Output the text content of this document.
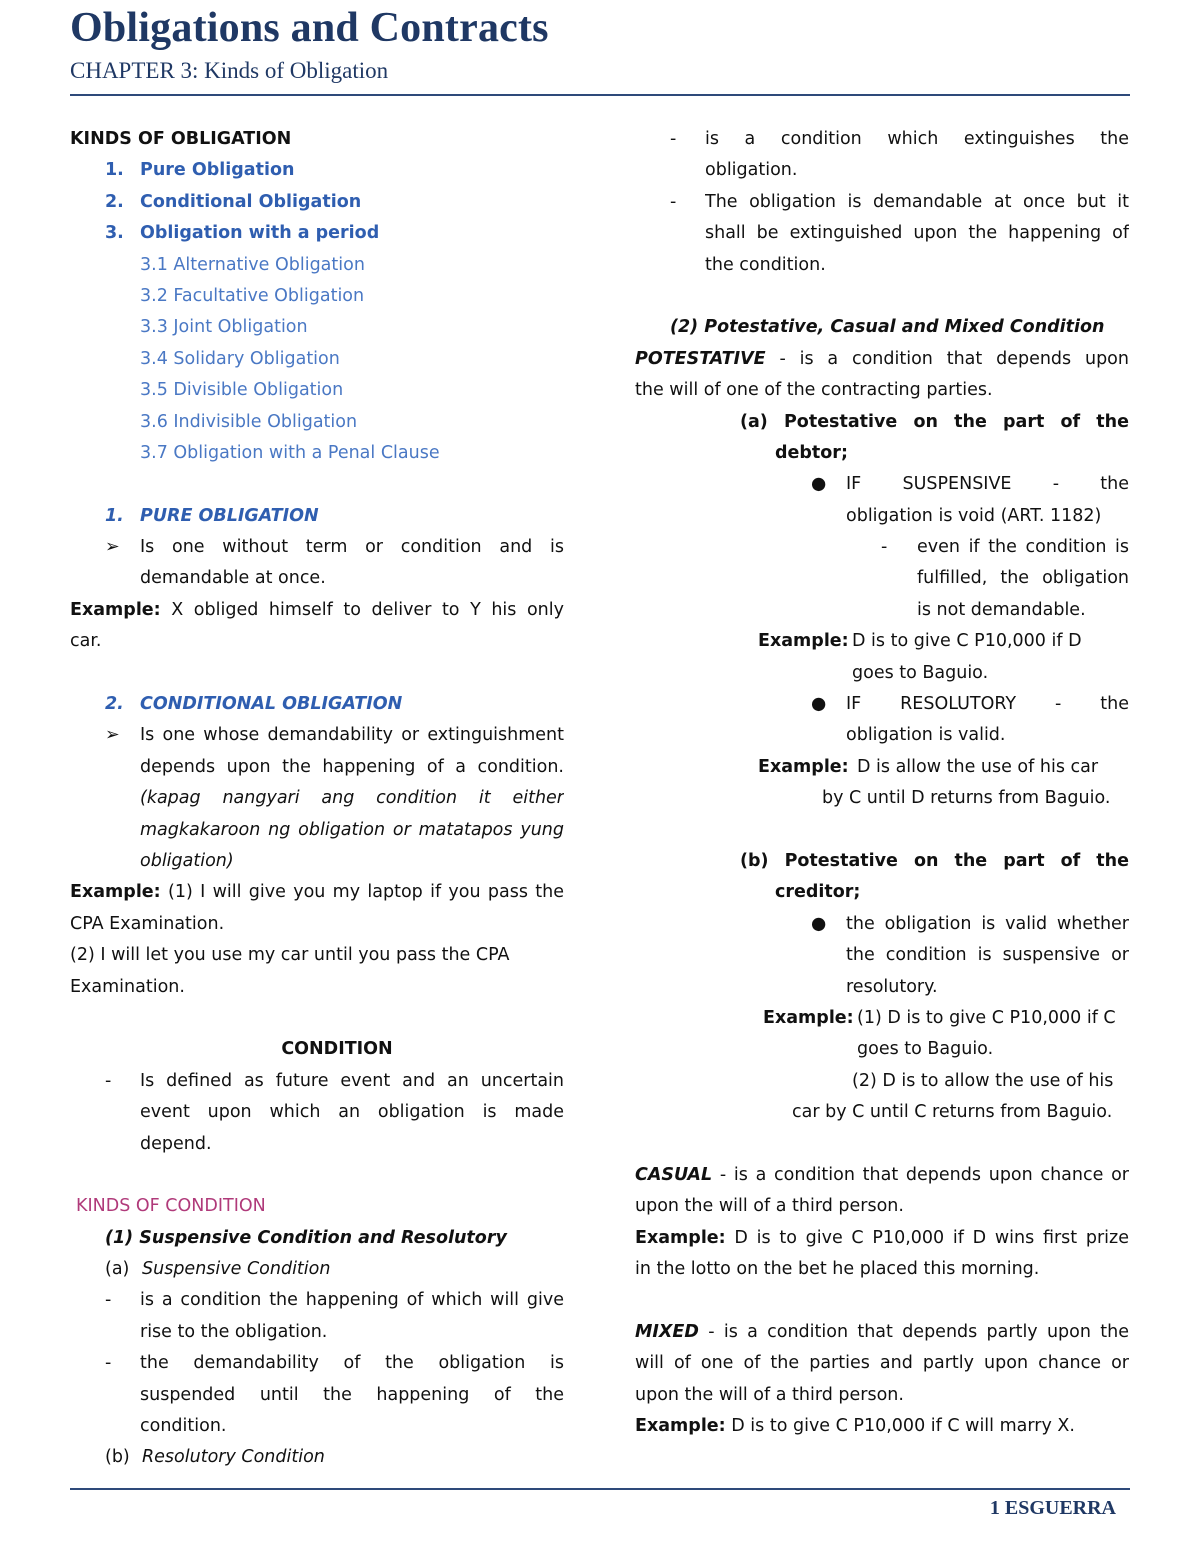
Obligations and Contracts
CHAPTER 3: Kinds of Obligation
KINDS OF OBLIGATION
1. Pure Obligation
2. Conditional Obligation
3. Obligation with a period
3.1 Alternative Obligation
3.2 Facultative Obligation
3.3 Joint Obligation
3.4 Solidary Obligation
3.5 Divisible Obligation
3.6 Indivisible Obligation
3.7 Obligation with a Penal Clause
1. PURE OBLIGATION
➢ Is one without term or condition and is
demandable at once.
Example: X obliged himself to deliver to Y his only
car.
2. CONDITIONAL OBLIGATION
➢ Is one whose demandability or extinguishment
depends upon the happening of a condition.
(kapag nangyari ang condition it either
magkakaroon ng obligation or matatapos yung
obligation)
Example: (1) I will give you my laptop if you pass the
CPA Examination.
(2) I will let you use my car until you pass the CPA
Examination.
CONDITION
- Is defined as future event and an uncertain
event upon which an obligation is made
depend.
KINDS OF CONDITION
(1) Suspensive Condition and Resolutory
(a) Suspensive Condition
- is a condition the happening of which will give
rise to the obligation.
- the demandability of the obligation is
suspended until the happening of the
condition.
(b) Resolutory Condition
- is a condition which extinguishes the
obligation.
- The obligation is demandable at once but it
shall be extinguished upon the happening of
the condition.
(2) Potestative, Casual and Mixed Condition
POTESTATIVE - is a condition that depends upon
the will of one of the contracting parties.
(a) Potestative on the part of the
debtor;
● IF SUSPENSIVE - the
obligation is void (ART. 1182)
- even if the condition is
fulfilled, the obligation
is not demandable.
Example: D is to give C P10,000 if D
goes to Baguio.
● IF RESOLUTORY - the
obligation is valid.
Example: D is allow the use of his car
by C until D returns from Baguio.
(b) Potestative on the part of the
creditor;
● the obligation is valid whether
the condition is suspensive or
resolutory.
Example: (1) D is to give C P10,000 if C
goes to Baguio.
(2) D is to allow the use of his
car by C until C returns from Baguio.
CASUAL - is a condition that depends upon chance or
upon the will of a third person.
Example: D is to give C P10,000 if D wins first prize
in the lotto on the bet he placed this morning.
MIXED - is a condition that depends partly upon the
will of one of the parties and partly upon chance or
upon the will of a third person.
Example: D is to give C P10,000 if C will marry X.
1 ESGUERRA
